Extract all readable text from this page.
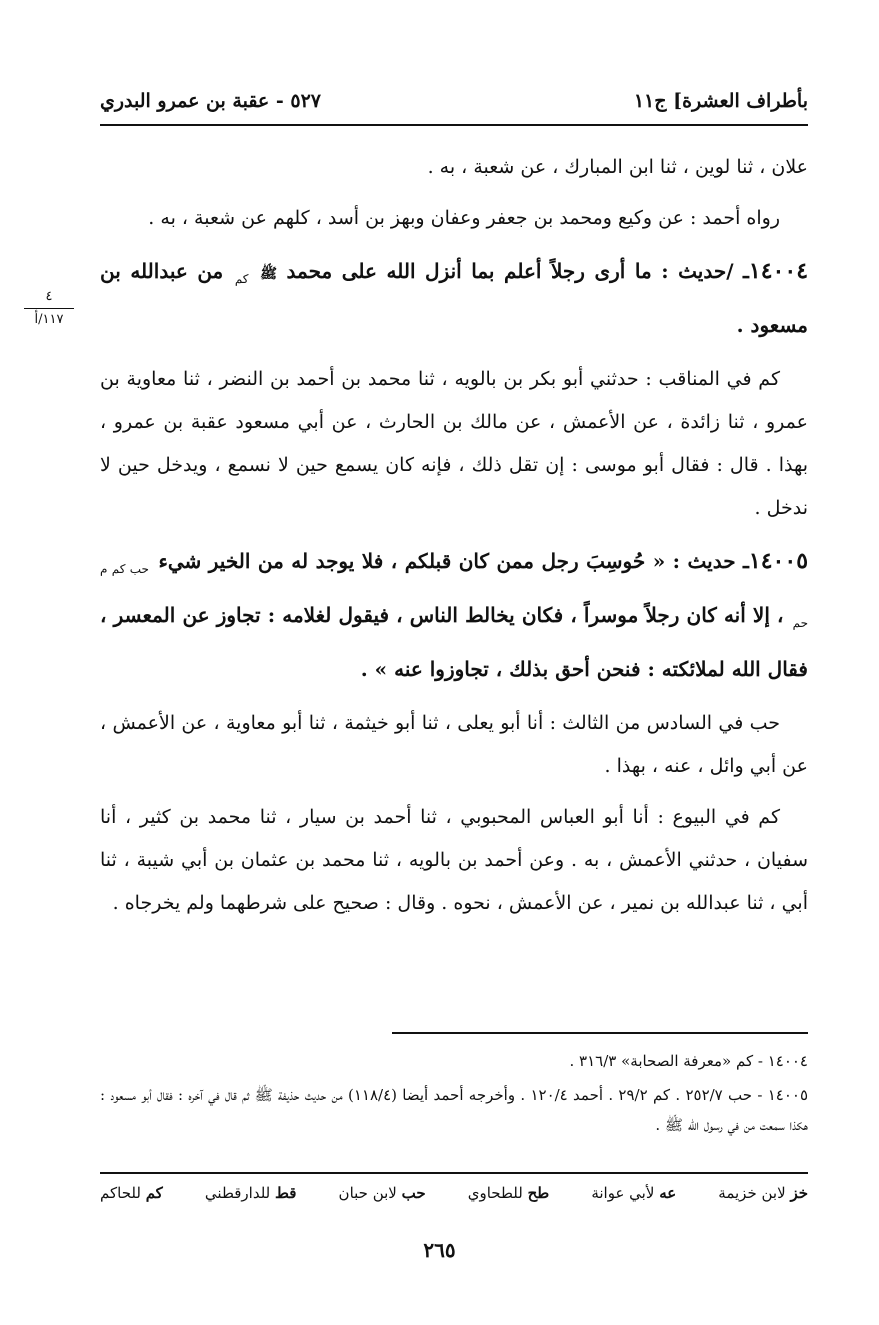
بأطراف العشرة] ج١١
٥٢٧ - عقبة بن عمرو البدري
٤
١١٧/أ
علان ، ثنا لوين ، ثنا ابن المبارك ، عن شعبة ، به .
رواه أحمد : عن وكيع ومحمد بن جعفر وعفان وبهز بن أسد ، كلهم عن شعبة ، به .
١٤٠٠٤ـ /حديث : ما أرى رجلاً أعلم بما أنزل الله على محمد ﷺ $_{كم}$ من عبدالله بن مسعود .
كم في المناقب : حدثني أبو بكر بن بالويه ، ثنا محمد بن أحمد بن النضر ، ثنا معاوية بن عمرو ، ثنا زائدة ، عن الأعمش ، عن مالك بن الحارث ، عن أبي مسعود عقبة بن عمرو ، بهذا . قال : فقال أبو موسى : إن تقل ذلك ، فإنه كان يسمع حين لا نسمع ، ويدخل حين لا ندخل .
١٤٠٠٥ـ حديث : « حُوسِبَ رجل ممن كان قبلكم ، فلا يوجد له من الخير شيء $_{حب كم م حم}$ ، إلا أنه كان رجلاً موسراً ، فكان يخالط الناس ، فيقول لغلامه : تجاوز عن المعسر ، فقال الله لملائكته : فنحن أحق بذلك ، تجاوزوا عنه » .
حب في السادس من الثالث : أنا أبو يعلى ، ثنا أبو خيثمة ، ثنا أبو معاوية ، عن الأعمش ، عن أبي وائل ، عنه ، بهذا .
كم في البيوع : أنا أبو العباس المحبوبي ، ثنا أحمد بن سيار ، ثنا محمد بن كثير ، أنا سفيان ، حدثني الأعمش ، به . وعن أحمد بن بالويه ، ثنا محمد بن عثمان بن أبي شيبة ، ثنا أبي ، ثنا عبدالله بن نمير ، عن الأعمش ، نحوه . وقال : صحيح على شرطهما ولم يخرجاه .
١٤٠٠٤ - كم «معرفة الصحابة» ٣١٦/٣ .
١٤٠٠٥ - حب ٢٥٢/٧ . كم ٢٩/٢ . أحمد ١٢٠/٤ . وأخرجه أحمد أيضا (١١٨/٤) من حديث حذيفة ﷺ ثم قال في آخره : فقال أبو مسعود : هكذا سمعت من في رسول الله ﷺ .
خز لابن خزيمة
عه لأبي عوانة
طح للطحاوي
حب لابن حبان
قط للدارقطني
كم للحاكم
٢٦٥
